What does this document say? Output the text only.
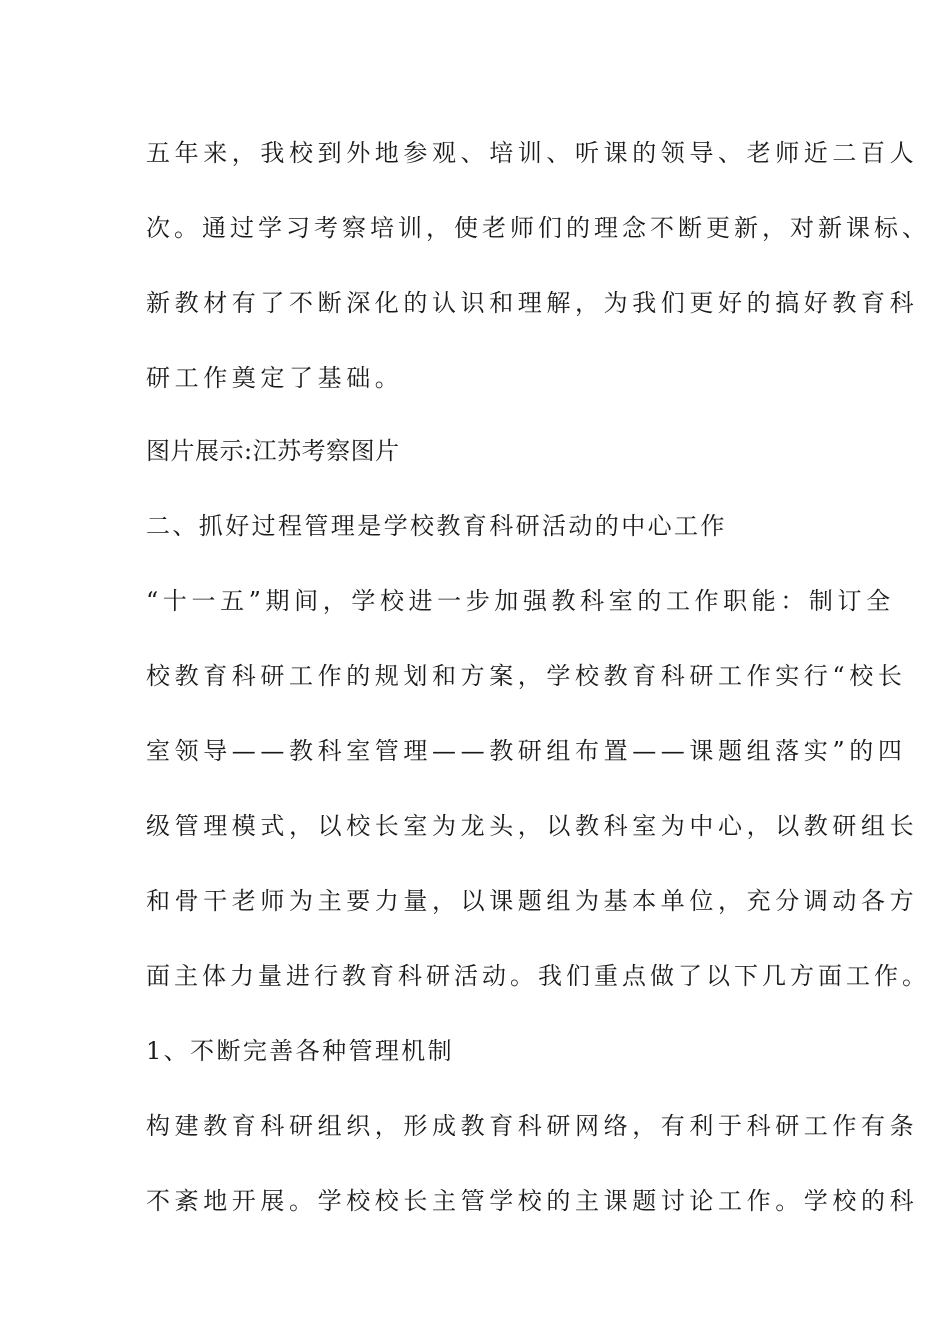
五年来，我校到外地参观、培训、听课的领导、老师近二百人

次。通过学习考察培训，使老师们的理念不断更新，对新课标、

新教材有了不断深化的认识和理解，为我们更好的搞好教育科

研工作奠定了基础。

图片展示:江苏考察图片

二、抓好过程管理是学校教育科研活动的中心工作

“十一五”期间，学校进一步加强教科室的工作职能：制订全

校教育科研工作的规划和方案，学校教育科研工作实行“校长

室领导——教科室管理——教研组布置——课题组落实”的四

级管理模式，以校长室为龙头，以教科室为中心，以教研组长

和骨干老师为主要力量，以课题组为基本单位，充分调动各方

面主体力量进行教育科研活动。我们重点做了以下几方面工作。

1、不断完善各种管理机制

构建教育科研组织，形成教育科研网络，有利于科研工作有条

不紊地开展。学校校长主管学校的主课题讨论工作。学校的科
